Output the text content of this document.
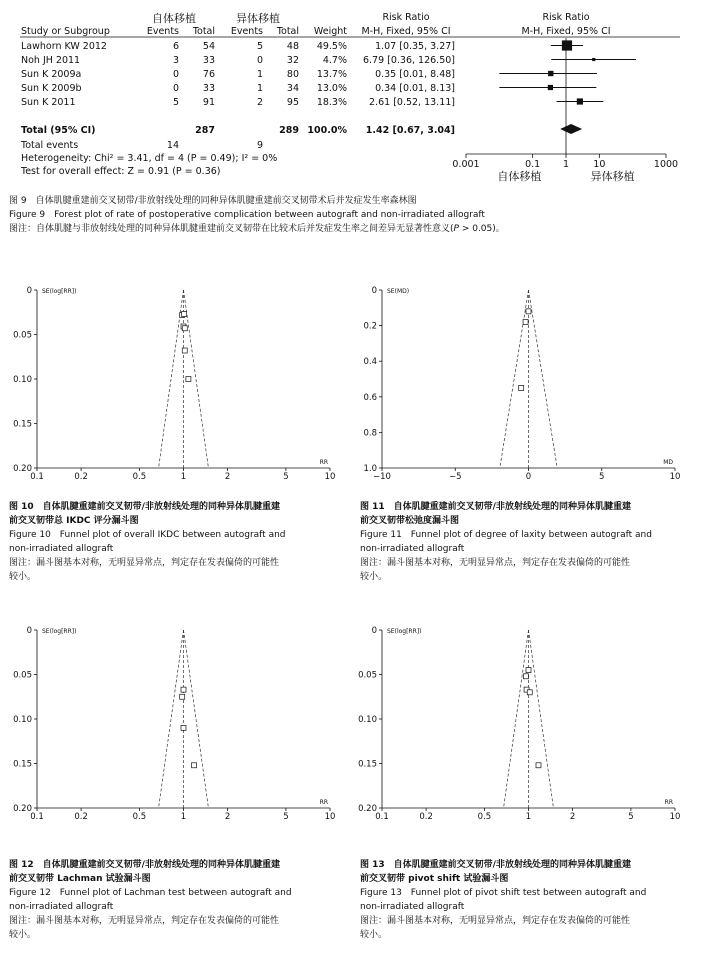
自体移植	异体移植	Risk Ratio	Risk Ratio
Study or Subgroup	Events Total Events Total Weight M-H, Fixed, 95% CI	M-H, Fixed, 95% CI
Lawhorn KW 2012	6	54	5	48 49.5%	1.07 [0.35, 3.27]
Noh JH 2011	3	33	0	32	4.7% 6.79 [0.36, 126.50]
Sun K 2009a	0	76	1	80 13.7%	0.35 [0.01, 8.48]
Sun K 2009b	0	33	1	34 13.0%	0.34 [0.01, 8.13]
Sun K 2011	5	91	2	95 18.3% 2.61 [0.52, 13.11]
Total (95% CI)	287	289 100.0% 1.42 [0.67, 3.04]
0.001	0.1 1	10	1000
自体移植	异体移植
Total events	14	9
Heterogeneity: Chi² = 3.41, df = 4 (P = 0.49); I² = 0%
Test for overall effect: Z = 0.91 (P = 0.36)
图 9　自体肌腱重建前交叉韧带/非放射线处理的同种异体肌腱重建前交叉韧带术后并发症发生率森林图
Figure 9　Forest plot of rate of postoperative complication between autograft and non-irradiated allograft
图注：自体肌腱与非放射线处理的同种异体肌腱重建前交叉韧带在比较术后并发症发生率之间差异无显著性意义(P > 0.05)。
SE(log[RR])
RR
0
0.05
0.10
0.15
0.20
0.1	0.2	0.5	1	2	5	10
SE(MD)
MD
0
0.2
0.4
0.6
0.8
1.0
−10	−5	0	5	10
SE(log[RR])
RR
0
0.05
0.10
0.15
0.20
0.1	0.2	0.5	1	2	5	10
SE(log[RR])
RR
0
0.05
0.10
0.15
0.20
0.1	0.2	0.5	1	2	5	10
图 10　自体肌腱重建前交叉韧带/非放射线处理的同种异体肌腱重建
前交叉韧带总 IKDC 评分漏斗图
Figure 10　Funnel plot of overall IKDC between autograft and
non-irradiated allograft
图注：漏斗图基本对称，无明显异常点，判定存在发表偏倚的可能性
较小。
图 11　自体肌腱重建前交叉韧带/非放射线处理的同种异体肌腱重建
前交叉韧带松弛度漏斗图
Figure 11　Funnel plot of degree of laxity between autograft and
non-irradiated allograft
图注：漏斗图基本对称，无明显异常点，判定存在发表偏倚的可能性
较小。
图 12　自体肌腱重建前交叉韧带/非放射线处理的同种异体肌腱重建
前交叉韧带 Lachman 试验漏斗图
Figure 12　Funnel plot of Lachman test between autograft and
non-irradiated allograft
图注：漏斗图基本对称，无明显异常点，判定存在发表偏倚的可能性
较小。
图 13　自体肌腱重建前交叉韧带/非放射线处理的同种异体肌腱重建
前交叉韧带 pivot shift 试验漏斗图
Figure 13　Funnel plot of pivot shift test between autograft and
non-irradiated allograft
图注：漏斗图基本对称，无明显异常点，判定存在发表偏倚的可能性
较小。
